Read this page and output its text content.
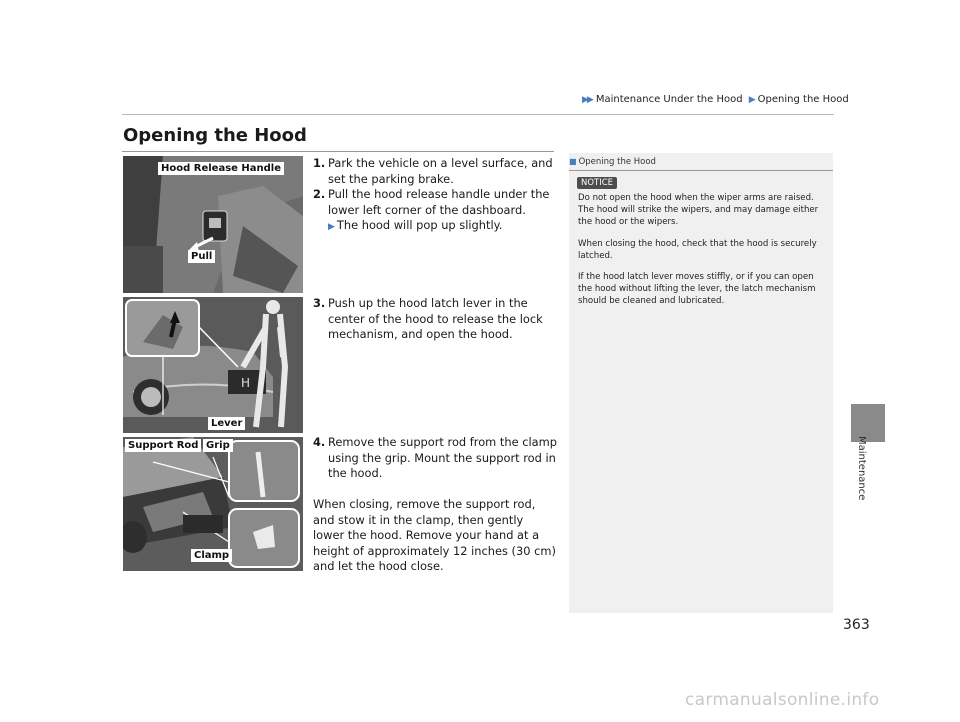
▶▶ Maintenance Under the Hood ▶ Opening the Hood
Opening the Hood
Hood Release Handle
Pull
H
Lever
Support Rod Grip
Clamp
1. Park the vehicle on a level surface, and set the parking brake.
2. Pull the hood release handle under the lower left corner of the dashboard.
▶ The hood will pop up slightly.
3. Push up the hood latch lever in the center of the hood to release the lock mechanism, and open the hood.
4. Remove the support rod from the clamp using the grip. Mount the support rod in the hood.
When closing, remove the support rod, and stow it in the clamp, then gently lower the hood. Remove your hand at a height of approximately 12 inches (30 cm) and let the hood close.
■ Opening the Hood
NOTICE

Do not open the hood when the wiper arms are raised.
The hood will strike the wipers, and may damage either the hood or the wipers.

When closing the hood, check that the hood is securely latched.

If the hood latch lever moves stiffly, or if you can open the hood without lifting the lever, the latch mechanism should be cleaned and lubricated.

Maintenance
363
carmanualsonline.info
